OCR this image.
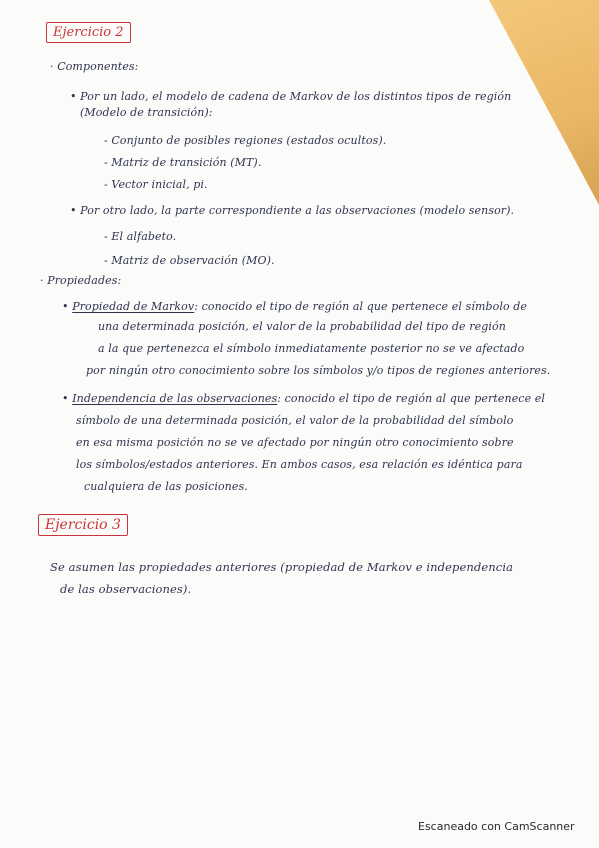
Ejercicio 2
· Componentes:
• Por un lado, el modelo de cadena de Markov de los distintos tipos de región
(Modelo de transición):
- Conjunto de posibles regiones (estados ocultos).
- Matriz de transición (MT).
- Vector inicial, pi.
• Por otro lado, la parte correspondiente a las observaciones (modelo sensor).
- El alfabeto.
- Matriz de observación (MO).
· Propiedades:
• Propiedad de Markov: conocido el tipo de región al que pertenece el símbolo de
una determinada posición, el valor de la probabilidad del tipo de región
a la que pertenezca el símbolo inmediatamente posterior no se ve afectado
por ningún otro conocimiento sobre los símbolos y/o tipos de regiones anteriores.
• Independencia de las observaciones: conocido el tipo de región al que pertenece el
símbolo de una determinada posición, el valor de la probabilidad del símbolo
en esa misma posición no se ve afectado por ningún otro conocimiento sobre
los símbolos/estados anteriores. En ambos casos, esa relación es idéntica para
cualquiera de las posiciones.
Ejercicio 3
Se asumen las propiedades anteriores (propiedad de Markov e independencia
de las observaciones).
Escaneado con CamScanner
